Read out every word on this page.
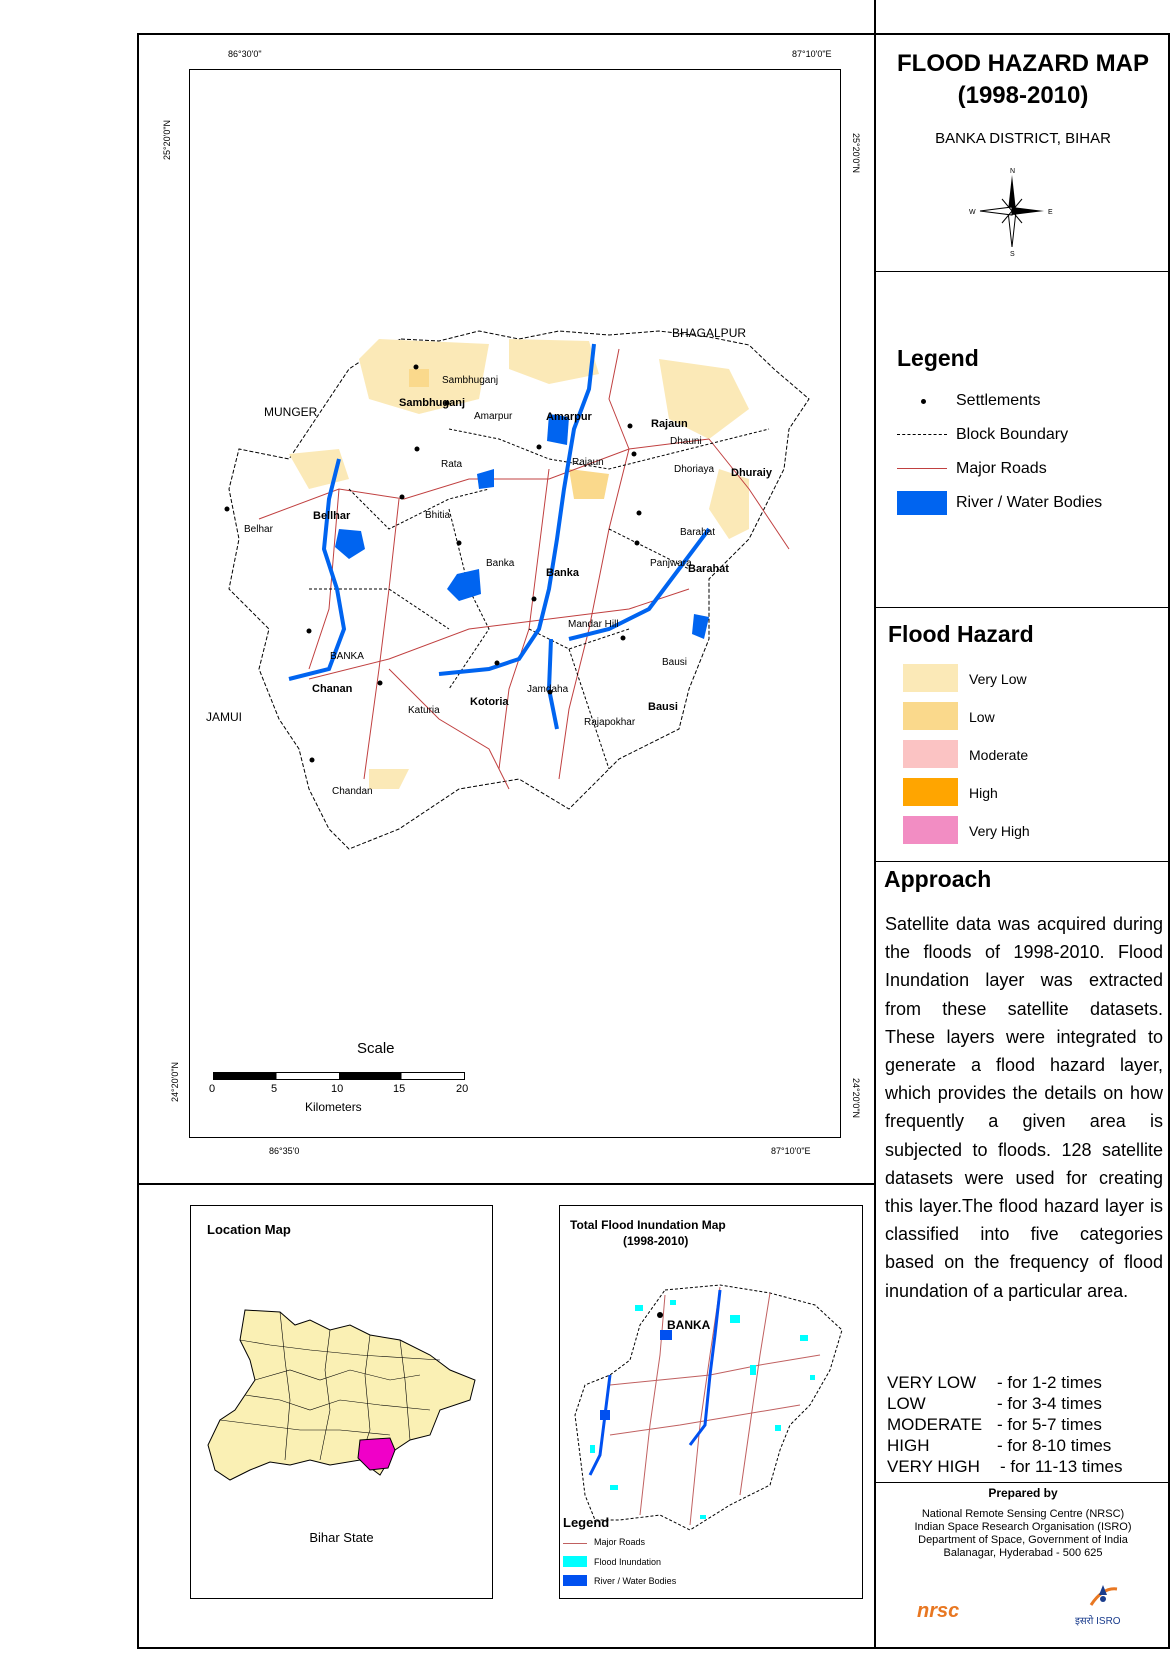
FLOOD HAZARD MAP
(1998-2010)
BANKA DISTRICT, BIHAR
N
S
E
W
Legend
Settlements
Block Boundary
Major Roads
River / Water Bodies
Flood Hazard
Very Low
Low
Moderate
High
Very High
Approach
Satellite data was acquired during the floods of 1998-2010. Flood Inundation layer was extracted from these satellite datasets. These layers were integrated to generate a flood hazard layer, which provides the details on how frequently a given area is subjected to floods. 128 satellite datasets were used for creating this layer.The flood hazard layer is classified into five categories based on the frequency of flood inundation of a particular area.
VERY LOW - for 1-2 times
LOW	- for 3-4 times
MODERATE - for 5-7 times
HIGH	- for 8-10 times
VERY HIGH - for 11-13 times
Prepared by
National Remote Sensing Centre (NRSC)
Indian Space Research Organisation (ISRO)
Department of Space, Government of India
Balanagar, Hyderabad - 500 625
nrsc	इसरो ISRO
86°30'0"	87°10'0"E
86°35'0	87°10'0"E
25°20'0"N
24°20'0"N
25°20'0"N
24°20'0"N
BHAGALPUR
MUNGER
JAMUI
Sambhuganj
Amarpur
Rajaun
Dhuraiy
Bellhar
Banka	Barahat
Chanan
Kotoria	Bausi
Sambhuganj
Amarpur
Rata	Rajaun
Dhauni
Dhoriaya
Belhar
Bhitia
Banka
Barahat
Panjwara
Mandar Hill
BANKA
Bausi
Jamdaha
Katuria
Rajapokhar
Chandan
Scale
0	5	10	15	20
Kilometers
Location Map
Bihar State
Total Flood Inundation Map
(1998-2010)
BANKA
Legend
Major Roads
Flood Inundation
River / Water Bodies
